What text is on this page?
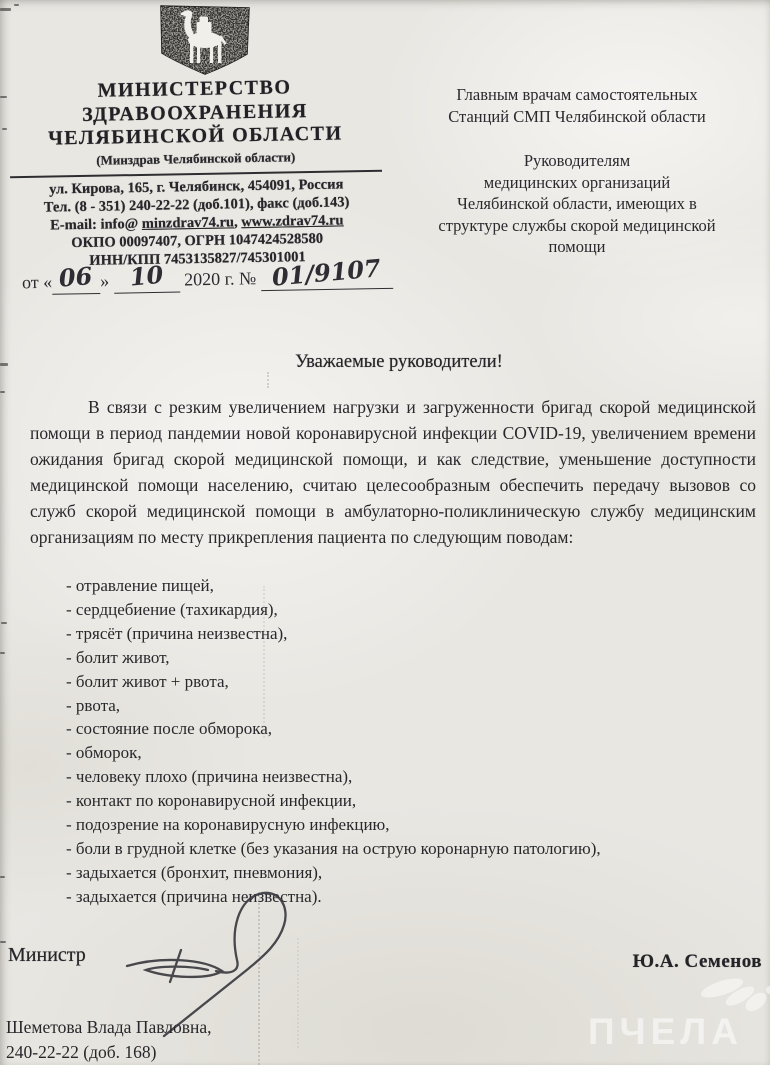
МИНИСТЕРСТВО
ЗДРАВООХРАНЕНИЯ
ЧЕЛЯБИНСКОЙ ОБЛАСТИ
(Минздрав Челябинской области)
ул. Кирова, 165, г. Челябинск, 454091, Россия
Тел. (8 - 351) 240-22-22 (доб.101), факс (доб.143)
E-mail: info@ minzdrav74.ru, www.zdrav74.ru
ОКПО 00097407, ОГРН 1047424528580
ИНН/КПП 7453135827/745301001
от « 06 » 10 2020 г. № 01/9107
Главным врачам самостоятельных
Станций СМП Челябинской области
Руководителям
медицинских организаций
Челябинской области, имеющих в
структуре службы скорой медицинской
помощи
Уважаемые руководители!
В связи с резким увеличением нагрузки и загруженности бригад скорой медицинской помощи в период пандемии новой коронавирусной инфекции COVID-19, увеличением времени ожидания бригад скорой медицинской помощи, и как следствие, уменьшение доступности медицинской помощи населению, считаю целесообразным обеспечить передачу вызовов со служб скорой медицинской помощи в амбулаторно-поликлиническую службу медицинским организациям по месту прикрепления пациента по следующим поводам:
- отравление пищей,
- сердцебиение (тахикардия),
- трясёт (причина неизвестна),
- болит живот,
- болит живот + рвота,
- рвота,
- состояние после обморока,
- обморок,
- человеку плохо (причина неизвестна),
- контакт по коронавирусной инфекции,
- подозрение на коронавирусную инфекцию,
- боли в грудной клетке (без указания на острую коронарную патологию),
- задыхается (бронхит, пневмония),
- задыхается (причина неизвестна).
Министр	Ю.А. Семенов
Шеметова Влада Павловна,
240-22-22 (доб. 168)	ПЧЕЛА
